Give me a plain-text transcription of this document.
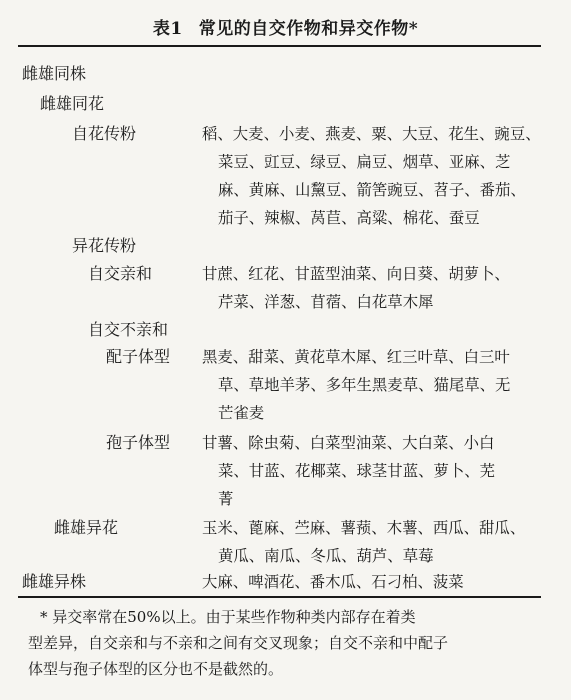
表1 常见的自交作物和异交作物*
雌雄同株
雌雄同花
自花传粉
异花传粉
自交亲和
自交不亲和
配子体型
孢子体型
雌雄异花
雌雄异株
稻、大麦、小麦、燕麦、粟、大豆、花生、豌豆、
菜豆、豇豆、绿豆、扁豆、烟草、亚麻、芝
麻、黄麻、山黧豆、箭筈豌豆、苕子、番茄、
茄子、辣椒、莴苣、高粱、棉花、蚕豆
甘蔗、红花、甘蓝型油菜、向日葵、胡萝卜、
芹菜、洋葱、苜蓿、白花草木犀
黑麦、甜菜、黄花草木犀、红三叶草、白三叶
草、草地羊茅、多年生黑麦草、猫尾草、无
芒雀麦
甘薯、除虫菊、白菜型油菜、大白菜、小白
菜、甘蓝、花椰菜、球茎甘蓝、萝卜、芜
菁
玉米、蓖麻、苎麻、薯蓣、木薯、西瓜、甜瓜、
黄瓜、南瓜、冬瓜、葫芦、草莓
大麻、啤酒花、番木瓜、石刁柏、菠菜
* 异交率常在50%以上。由于某些作物种类内部存在着类
型差异，自交亲和与不亲和之间有交叉现象；自交不亲和中配子
体型与孢子体型的区分也不是截然的。
